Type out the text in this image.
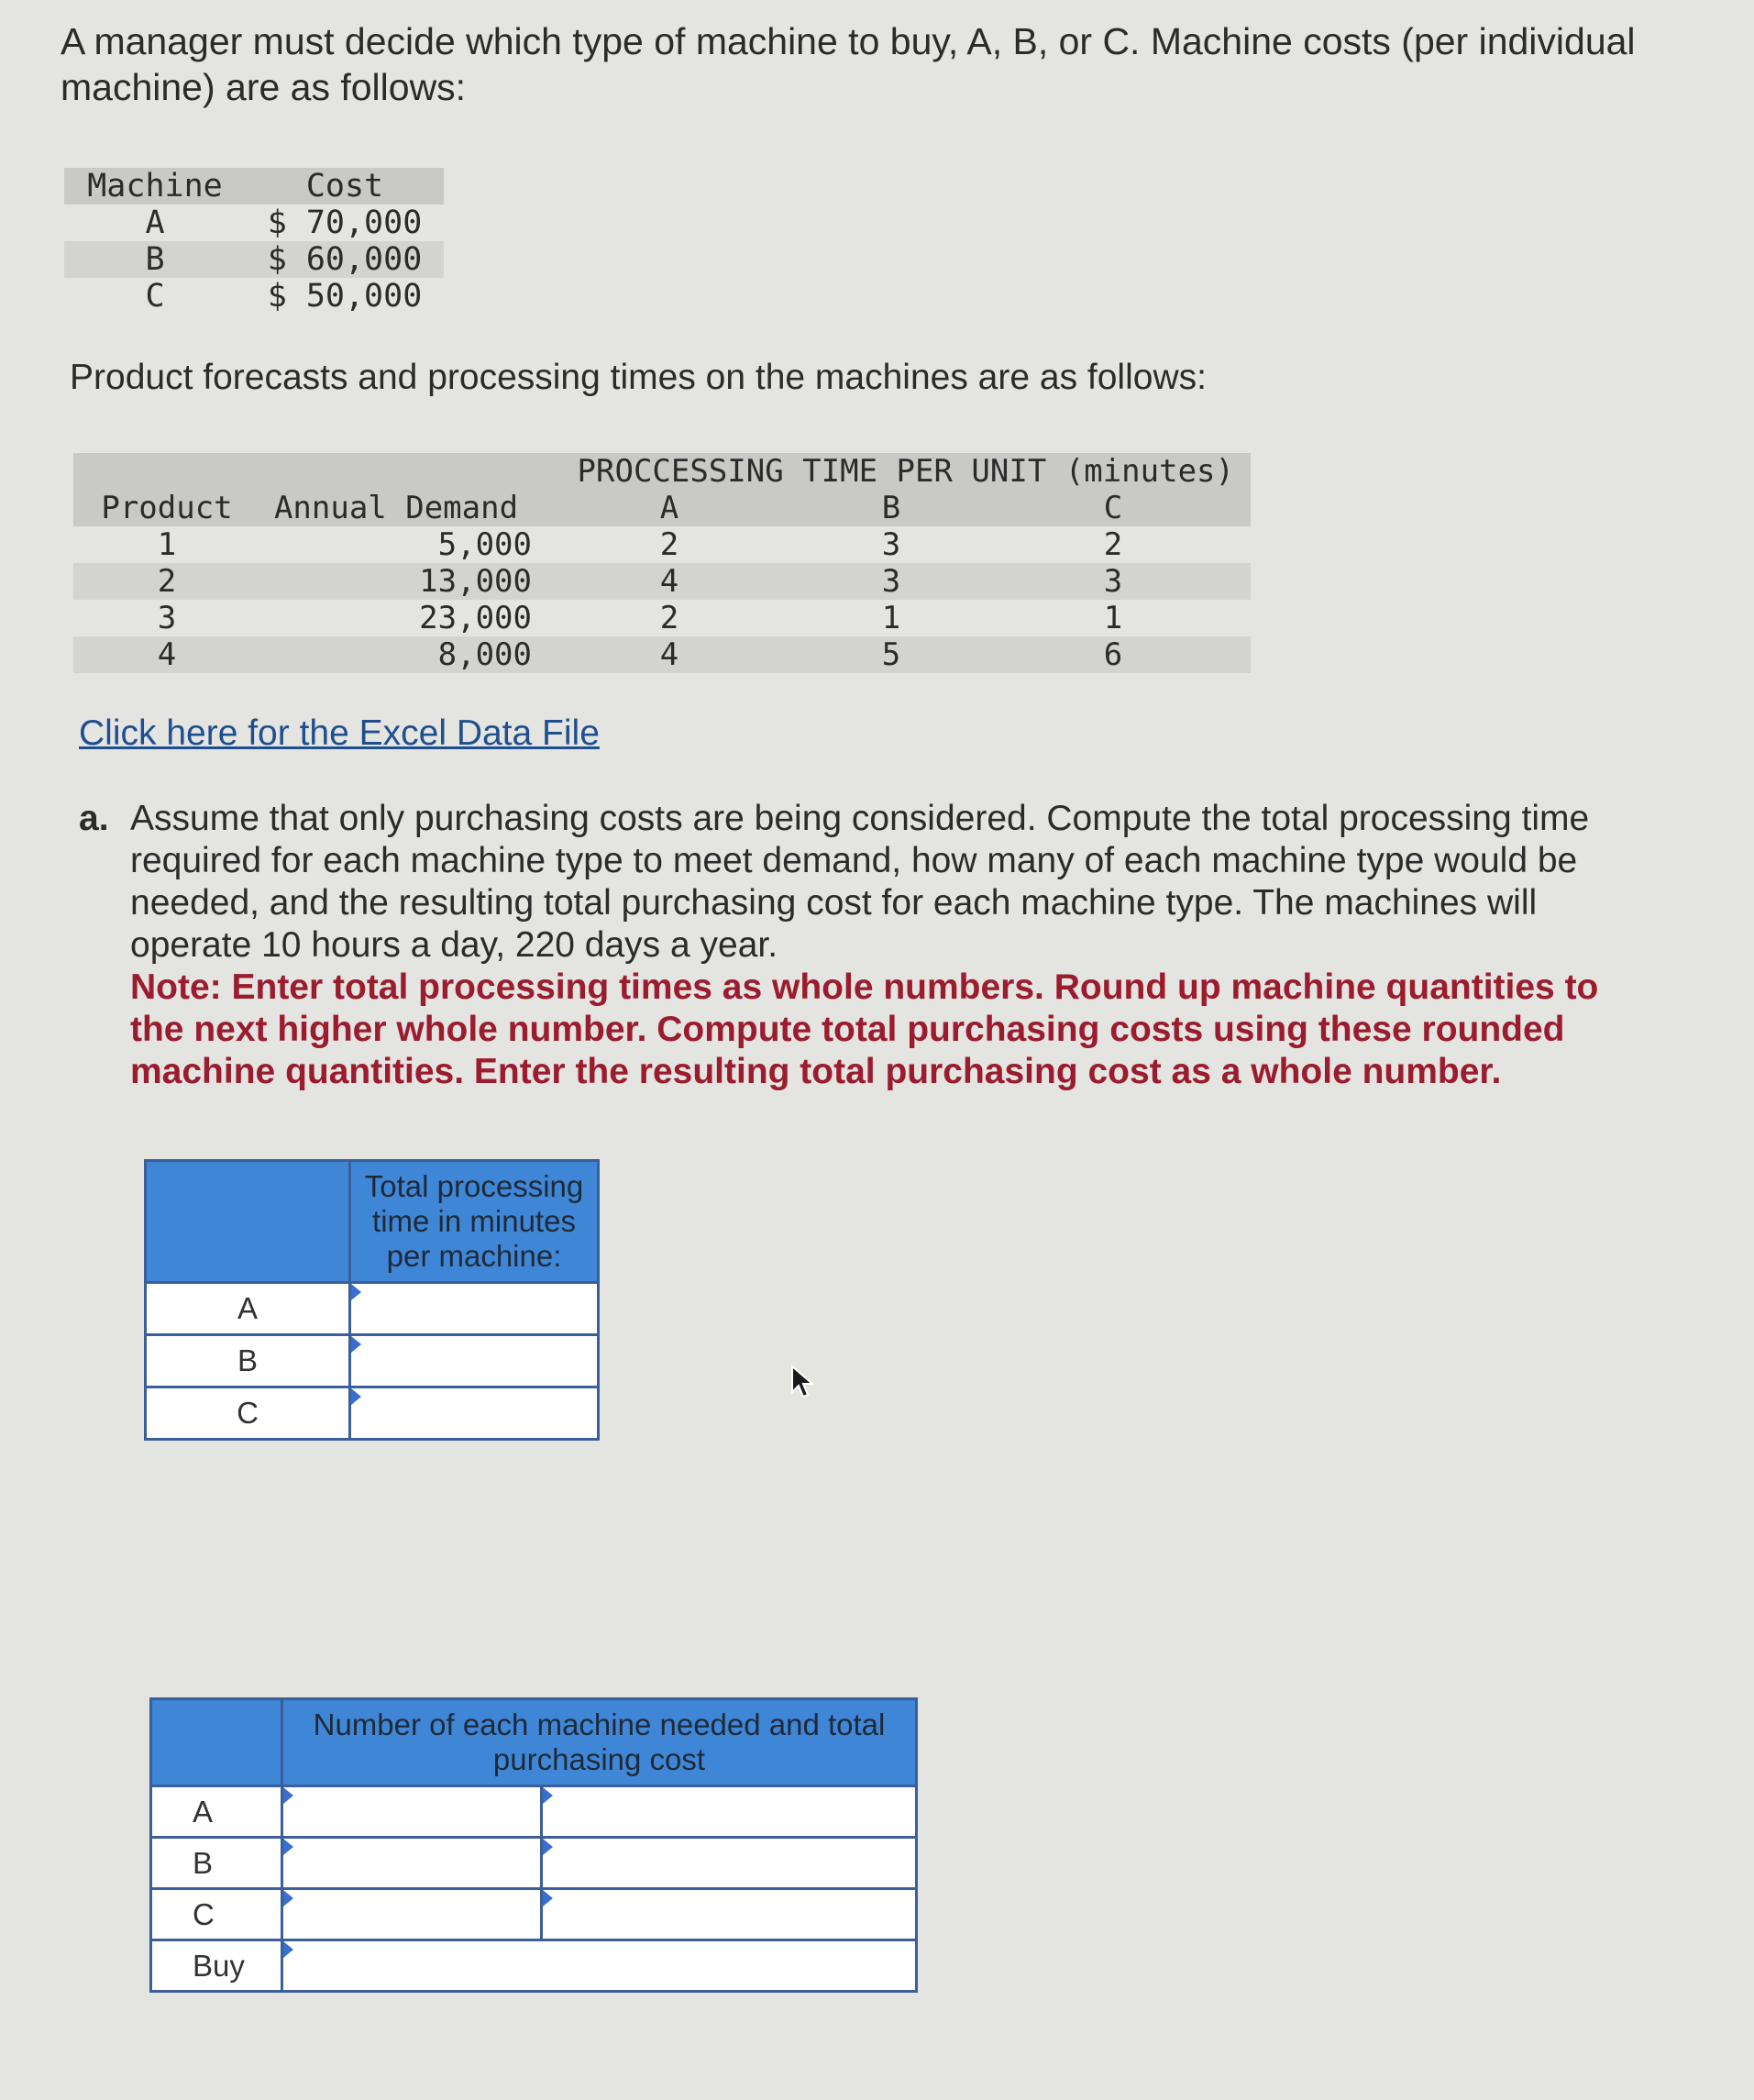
A manager must decide which type of machine to buy, A, B, or C. Machine costs (per individual machine) are as follows:

Machine	Cost
A	$ 70,000
B	$ 60,000
C	$ 50,000

Product forecasts and processing times on the machines are as follows:

		PROCCESSING TIME PER UNIT (minutes)		
Product	Annual Demand	A	B	C
1	5,000	2	3	2
2	13,000	4	3	3
3	23,000	2	1	1
4	8,000	4	5	6
Click here for the Excel Data File
a. Assume that only purchasing costs are being considered. Compute the total processing time required for each machine type to meet demand, how many of each machine type would be needed, and the resulting total purchasing cost for each machine type. The machines will operate 10 hours a day, 220 days a year.
Note: Enter total processing times as whole numbers. Round up machine quantities to the next higher whole number. Compute total purchasing costs using these rounded machine quantities. Enter the resulting total purchasing cost as a whole number.
	Total processing time in minutes per machine:
A	
B	
C	
	Number of each machine needed and total purchasing cost	
A		
B		
C		
Buy	
